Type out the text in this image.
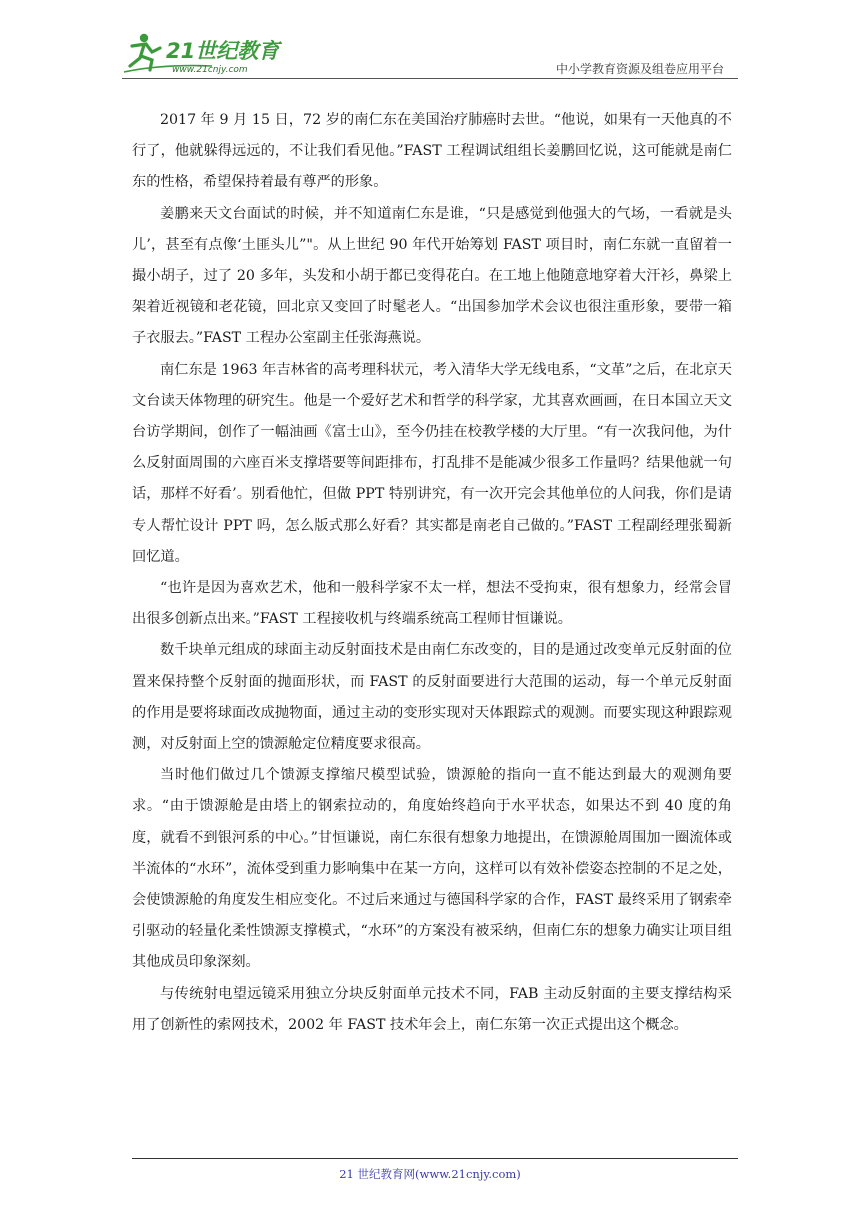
21世纪教育
www.21cnjy.com	中小学教育资源及组卷应用平台

2017 年 9 月 15 日，72 岁的南仁东在美国治疗肺癌时去世。“他说，如果有一天他真的不行了，他就躲得远远的，不让我们看见他。”FAST 工程调试组组长姜鹏回忆说，这可能就是南仁东的性格，希望保持着最有尊严的形象。

姜鹏来天文台面试的时候，并不知道南仁东是谁，“只是感觉到他强大的气场，一看就是头儿’，甚至有点像‘土匪头儿”"。从上世纪 90 年代开始筹划 FAST 项目时，南仁东就一直留着一撮小胡子，过了 20 多年，头发和小胡于都已变得花白。在工地上他随意地穿着大汗衫，鼻梁上架着近视镜和老花镜，回北京又变回了时髦老人。“出国参加学术会议也很注重形象，要带一箱子衣服去。”FAST 工程办公室副主任张海燕说。

南仁东是 1963 年吉林省的高考理科状元，考入清华大学无线电系，“文革”之后，在北京天文台读天体物理的研究生。他是一个爱好艺术和哲学的科学家，尤其喜欢画画，在日本国立天文台访学期间，创作了一幅油画《富士山》，至今仍挂在校教学楼的大厅里。“有一次我问他，为什么反射面周围的六座百米支撑塔要等间距排布，打乱排不是能减少很多工作量吗？结果他就一句话，那样不好看’。别看他忙，但做 PPT 特别讲究，有一次开完会其他单位的人问我，你们是请专人帮忙设计 PPT 吗，怎么版式那么好看？其实都是南老自己做的。”FAST 工程副经理张蜀新回忆道。

“也许是因为喜欢艺术，他和一般科学家不太一样，想法不受拘束，很有想象力，经常会冒出很多创新点出来。”FAST 工程接收机与终端系统高工程师甘恒谦说。

数千块单元组成的球面主动反射面技术是由南仁东改变的，目的是通过改变单元反射面的位置来保持整个反射面的抛面形状，而 FAST 的反射面要进行大范围的运动，每一个单元反射面的作用是要将球面改成抛物面，通过主动的变形实现对天体跟踪式的观测。而要实现这种跟踪观测，对反射面上空的馈源舱定位精度要求很高。

当时他们做过几个馈源支撑缩尺模型试验，馈源舱的指向一直不能达到最大的观测角要求。“由于馈源舱是由塔上的钢索拉动的，角度始终趋向于水平状态，如果达不到 40 度的角度，就看不到银河系的中心。”甘恒谦说，南仁东很有想象力地提出，在馈源舱周围加一圈流体或半流体的“水环”，流体受到重力影响集中在某一方向，这样可以有效补偿姿态控制的不足之处，会使馈源舱的角度发生相应变化。不过后来通过与德国科学家的合作，FAST 最终采用了钢索牵引驱动的轻量化柔性馈源支撑模式，“水环”的方案没有被采纳，但南仁东的想象力确实让项目组其他成员印象深刻。

与传统射电望远镜采用独立分块反射面单元技术不同，FAB 主动反射面的主要支撑结构采用了创新性的索网技术，2002 年 FAST 技术年会上，南仁东第一次正式提出这个概念。

21 世纪教育网(www.21cnjy.com)
